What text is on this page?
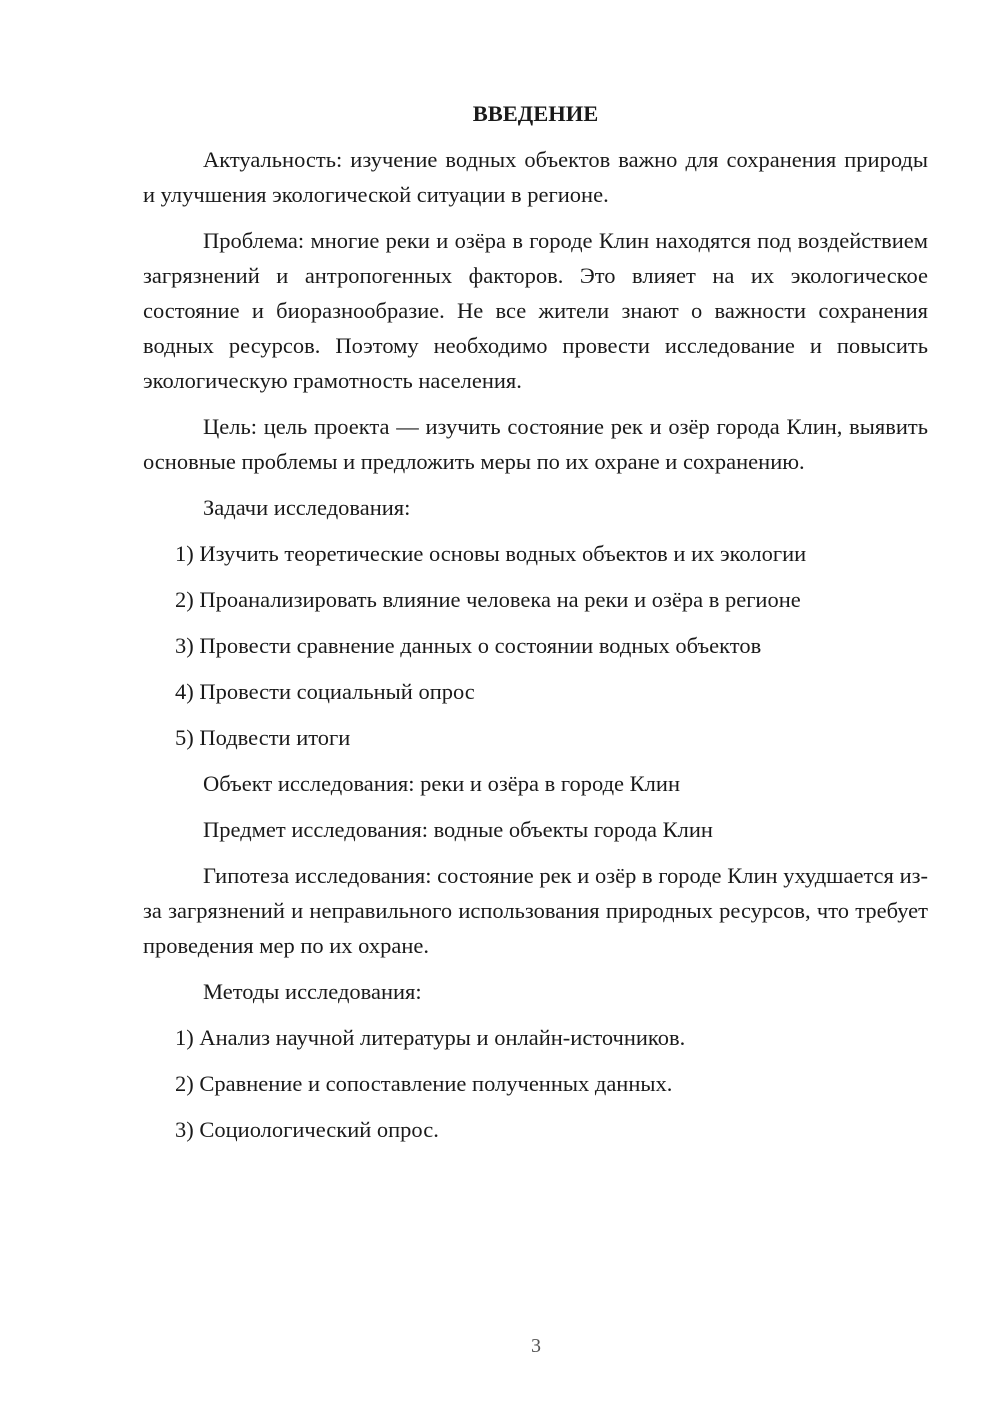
ВВЕДЕНИЕ
Актуальность: изучение водных объектов важно для сохранения природы и улучшения экологической ситуации в регионе.
Проблема: многие реки и озёра в городе Клин находятся под воздействием загрязнений и антропогенных факторов. Это влияет на их экологическое состояние и биоразнообразие. Не все жители знают о важности сохранения водных ресурсов. Поэтому необходимо провести исследование и повысить экологическую грамотность населения.
Цель: цель проекта — изучить состояние рек и озёр города Клин, выявить основные проблемы и предложить меры по их охране и сохранению.
Задачи исследования:
1) Изучить теоретические основы водных объектов и их экологии
2) Проанализировать влияние человека на реки и озёра в регионе
3) Провести сравнение данных о состоянии водных объектов
4) Провести социальный опрос
5) Подвести итоги
Объект исследования: реки и озёра в городе Клин
Предмет исследования: водные объекты города Клин
Гипотеза исследования: состояние рек и озёр в городе Клин ухудшается из-за загрязнений и неправильного использования природных ресурсов, что требует проведения мер по их охране.
Методы исследования:
1) Анализ научной литературы и онлайн-источников.
2) Сравнение и сопоставление полученных данных.
3) Социологический опрос.
3
